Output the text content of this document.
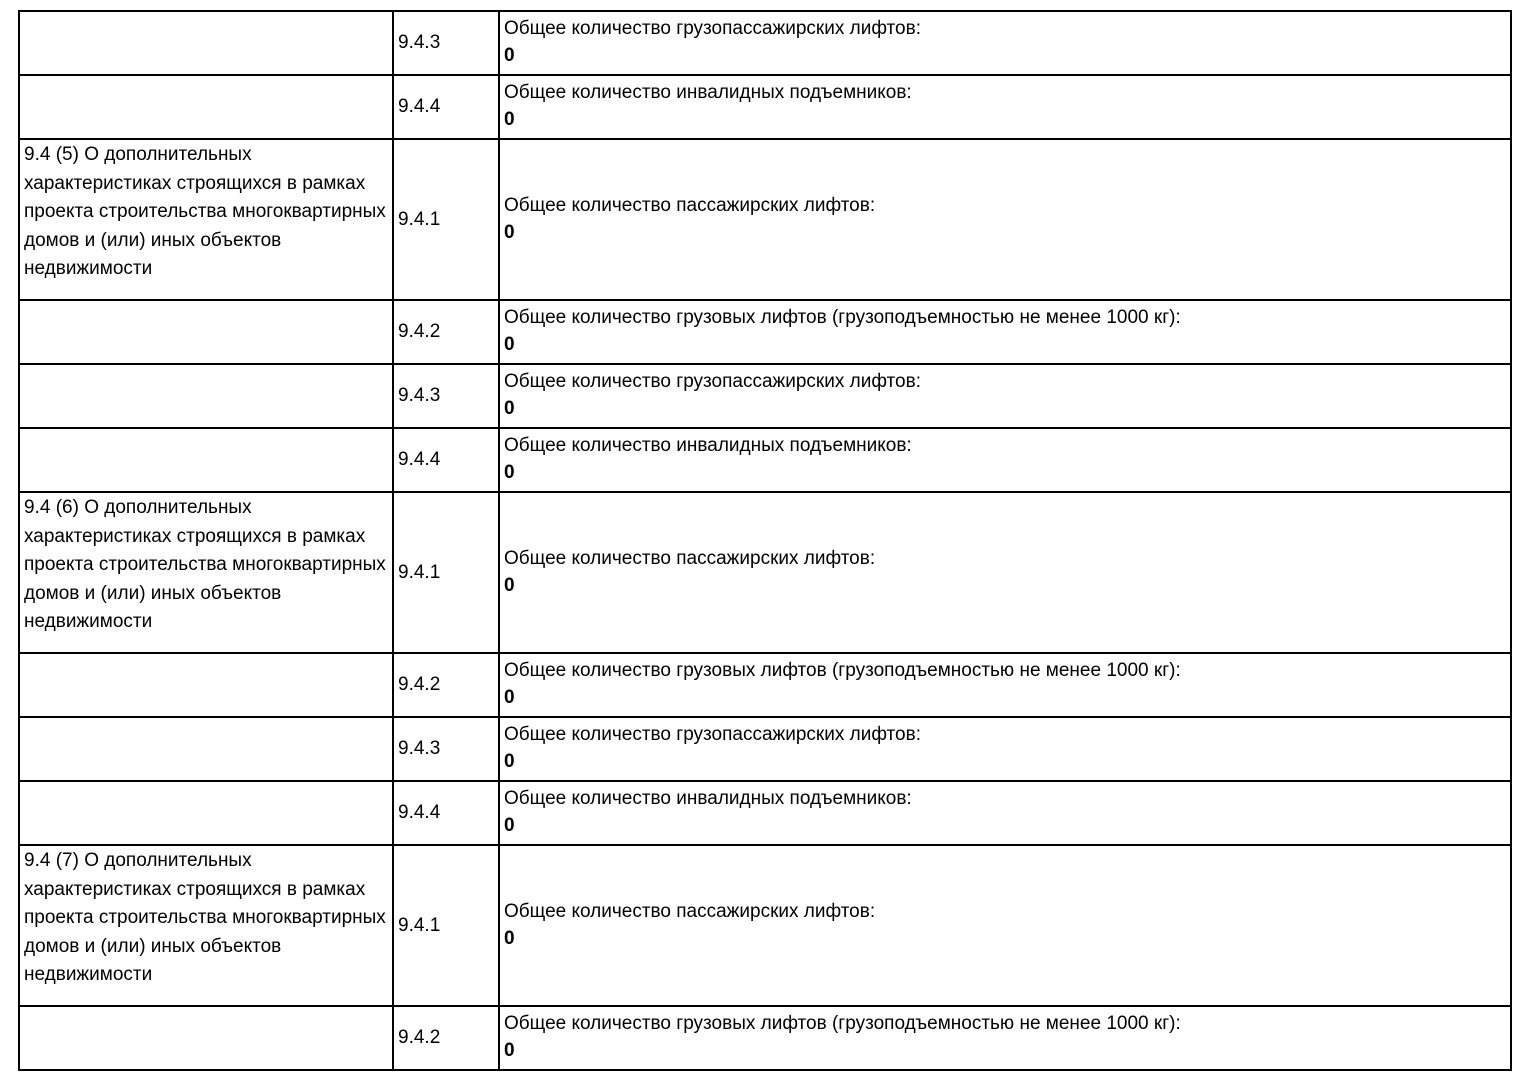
	9.4.3	Общее количество грузопассажирских лифтов:
0

	9.4.4	Общее количество инвалидных подъемников:
0

9.4 (5) О дополнительных характеристиках строящихся в рамках проекта строительства многоквартирных домов и (или) иных объектов недвижимости	9.4.1	Общее количество пассажирских лифтов:
0

	9.4.2	Общее количество грузовых лифтов (грузоподъемностью не менее 1000 кг):
0

	9.4.3	Общее количество грузопассажирских лифтов:
0

	9.4.4	Общее количество инвалидных подъемников:
0

9.4 (6) О дополнительных характеристиках строящихся в рамках проекта строительства многоквартирных домов и (или) иных объектов недвижимости	9.4.1	Общее количество пассажирских лифтов:
0

	9.4.2	Общее количество грузовых лифтов (грузоподъемностью не менее 1000 кг):
0

	9.4.3	Общее количество грузопассажирских лифтов:
0

	9.4.4	Общее количество инвалидных подъемников:
0

9.4 (7) О дополнительных характеристиках строящихся в рамках проекта строительства многоквартирных домов и (или) иных объектов недвижимости	9.4.1	Общее количество пассажирских лифтов:
0

	9.4.2	Общее количество грузовых лифтов (грузоподъемностью не менее 1000 кг):
0
